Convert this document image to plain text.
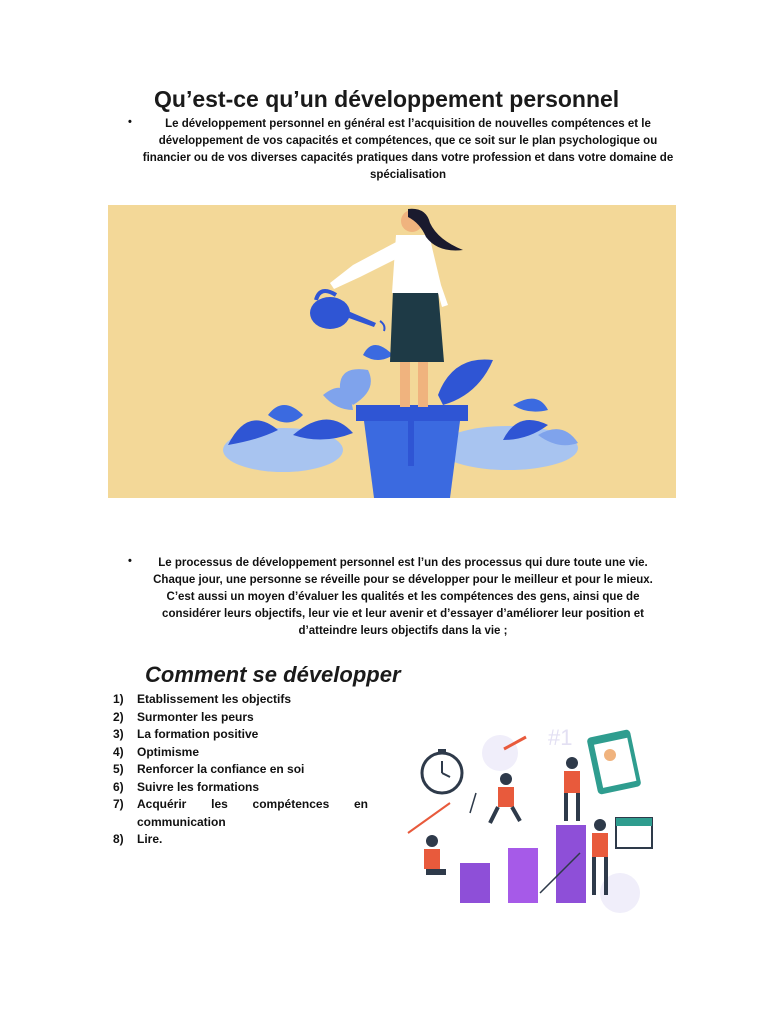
Qu’est-ce qu’un développement personnel
•	Le développement personnel en général est l’acquisition de nouvelles compétences et le développement de vos capacités et compétences, que ce soit sur le plan psychologique ou financier ou de vos diverses capacités pratiques dans votre profession et dans votre domaine de spécialisation

•	Le processus de développement personnel est l’un des processus qui dure toute une vie. Chaque jour, une personne se réveille pour se développer pour le meilleur et pour le mieux. C’est aussi un moyen d’évaluer les qualités et les compétences des gens, ainsi que de considérer leurs objectifs, leur vie et leur avenir et d’essayer d’améliorer leur position et d’atteindre leurs objectifs dans la vie ;

Comment se développer
1)	Etablissement les objectifs
2)	Surmonter les peurs
3)	La formation positive
4)	Optimisme
5)	Renforcer la confiance en soi
6)	Suivre les formations
7)	Acquérir les compétences en
communication
8)	Lire.
#1
